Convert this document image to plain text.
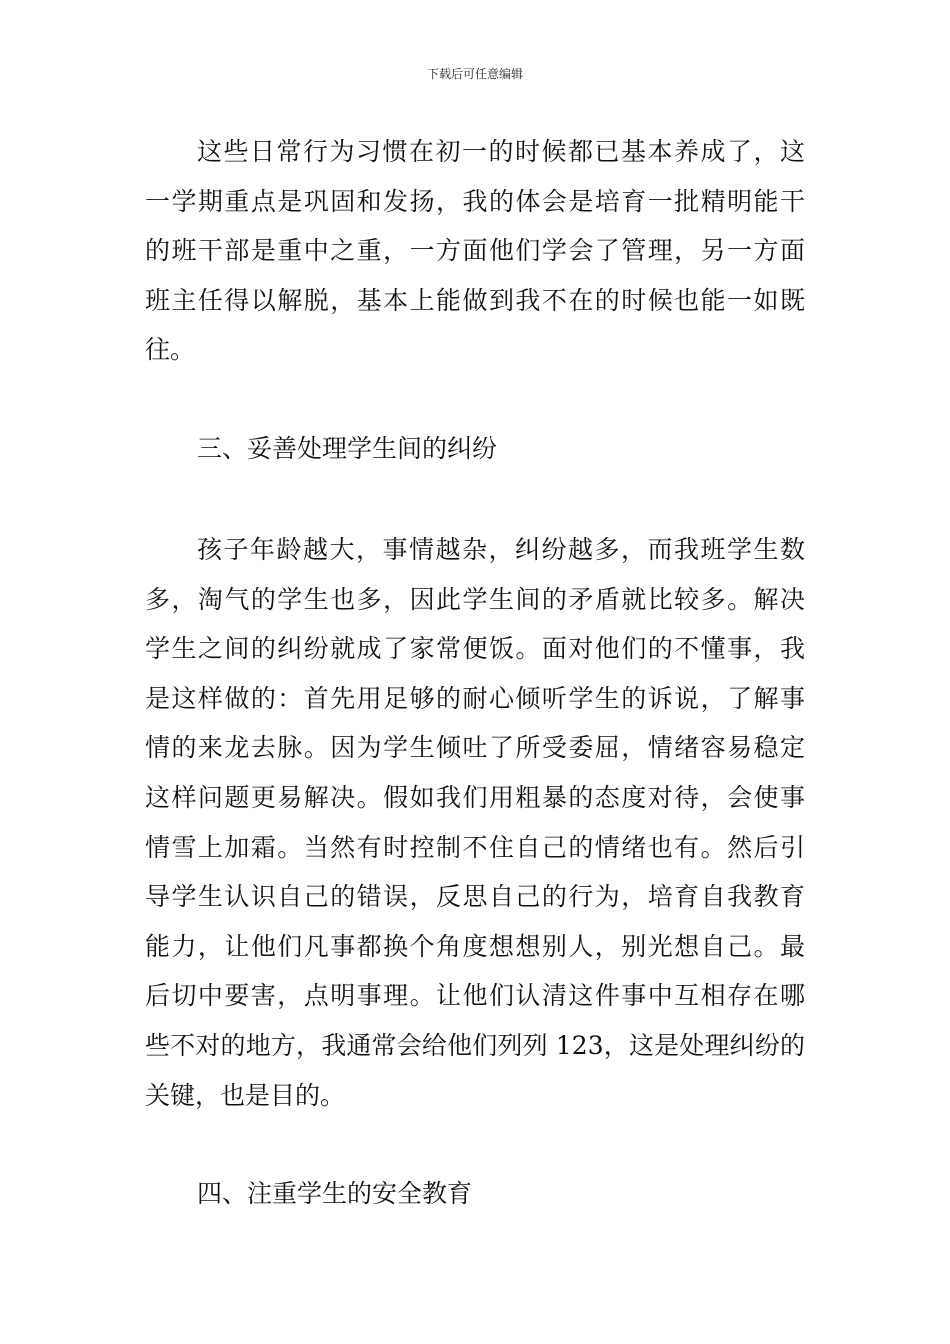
下载后可任意编辑
这些日常行为习惯在初一的时候都已基本养成了，这
一学期重点是巩固和发扬，我的体会是培育一批精明能干
的班干部是重中之重，一方面他们学会了管理，另一方面
班主任得以解脱，基本上能做到我不在的时候也能一如既
往。
三、妥善处理学生间的纠纷
孩子年龄越大，事情越杂，纠纷越多，而我班学生数
多，淘气的学生也多，因此学生间的矛盾就比较多。解决
学生之间的纠纷就成了家常便饭。面对他们的不懂事，我
是这样做的：首先用足够的耐心倾听学生的诉说，了解事
情的来龙去脉。因为学生倾吐了所受委屈，情绪容易稳定
这样问题更易解决。假如我们用粗暴的态度对待，会使事
情雪上加霜。当然有时控制不住自己的情绪也有。然后引
导学生认识自己的错误，反思自己的行为，培育自我教育
能力，让他们凡事都换个角度想想别人，别光想自己。最
后切中要害，点明事理。让他们认清这件事中互相存在哪
些不对的地方，我通常会给他们列列 123，这是处理纠纷的
关键，也是目的。
四、注重学生的安全教育
